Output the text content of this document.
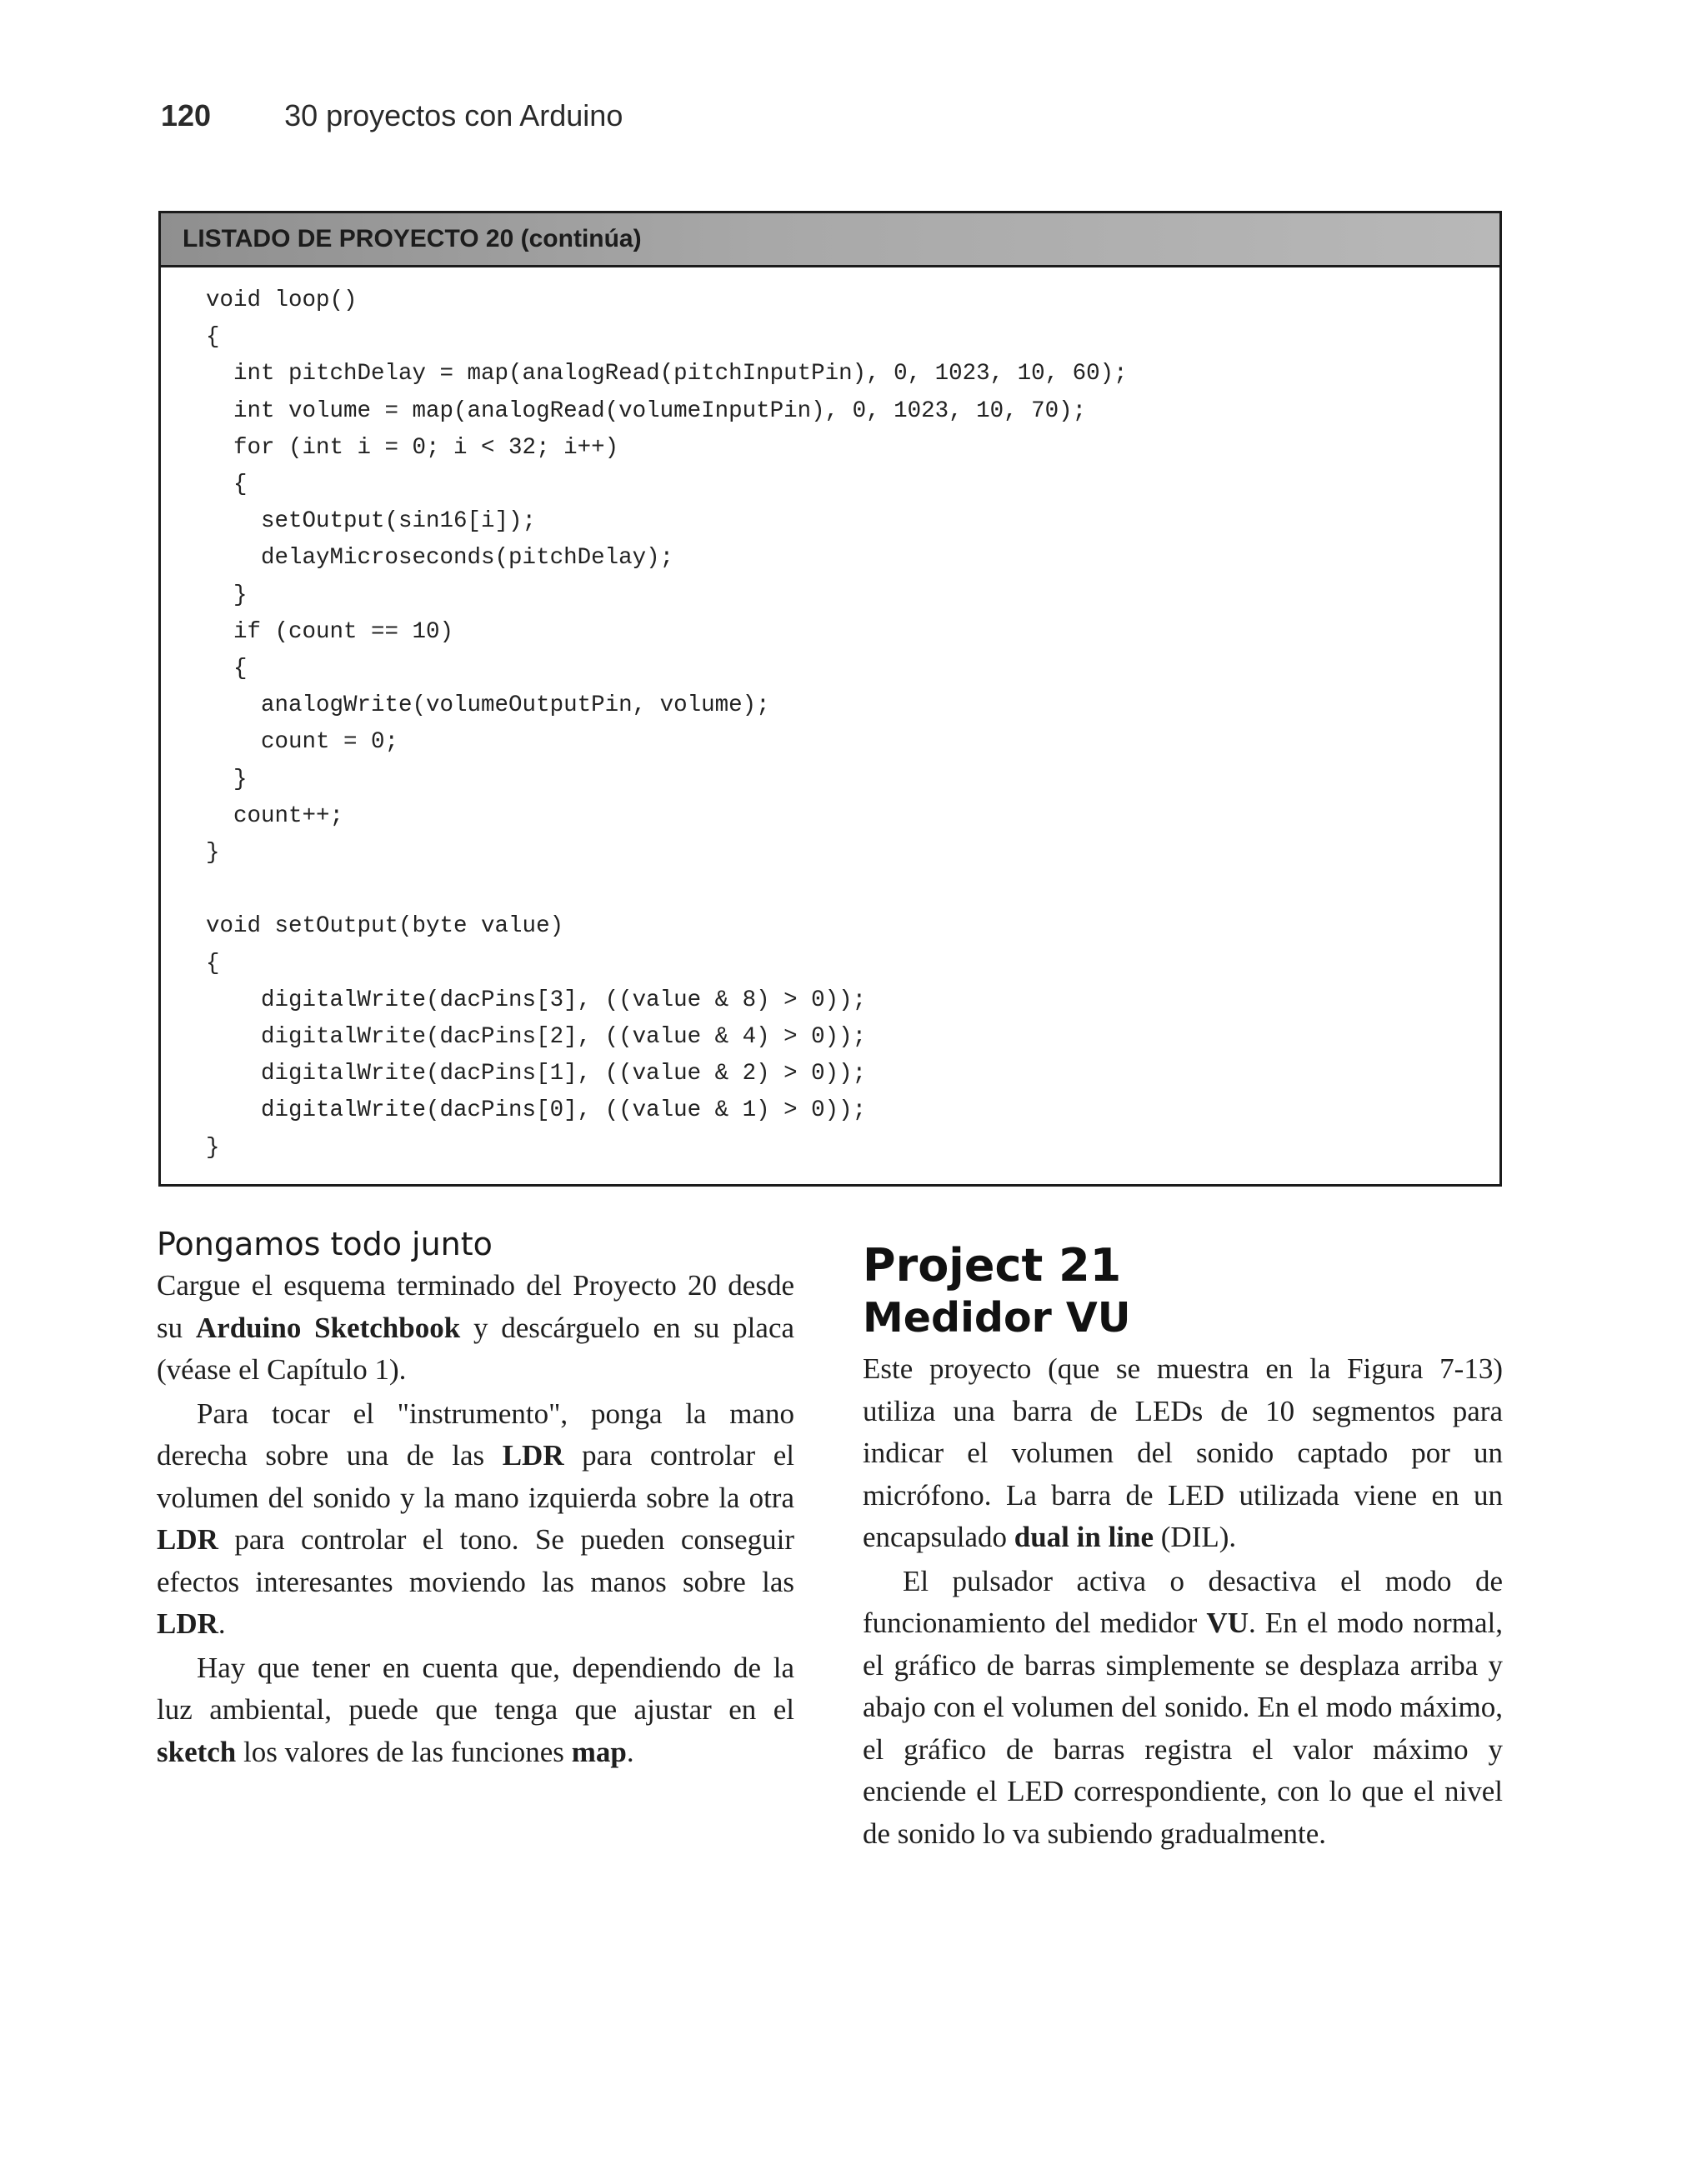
120 30 proyectos con Arduino
LISTADO DE PROYECTO 20 (continúa)
void loop()
{
int pitchDelay = map(analogRead(pitchInputPin), 0, 1023, 10, 60);
int volume = map(analogRead(volumeInputPin), 0, 1023, 10, 70);
for (int i = 0; i < 32; i++)
{
setOutput(sin16[i]);
delayMicroseconds(pitchDelay);
}
if (count == 10)
{
analogWrite(volumeOutputPin, volume);
count = 0;
}
count++;
}

void setOutput(byte value)
{
digitalWrite(dacPins[3], ((value & 8) > 0));
digitalWrite(dacPins[2], ((value & 4) > 0));
digitalWrite(dacPins[1], ((value & 2) > 0));
digitalWrite(dacPins[0], ((value & 1) > 0));
}
Pongamos todo junto

Cargue el esquema terminado del Proyecto 20 desde su Arduino Sketchbook y descárguelo en su placa (véase el Capítulo 1).

Para tocar el "instrumento", ponga la mano derecha sobre una de las LDR para controlar el volumen del sonido y la mano izquierda sobre la otra LDR para controlar el tono. Se pueden conseguir efectos interesantes moviendo las manos sobre las LDR.

Hay que tener en cuenta que, dependiendo de la luz ambiental, puede que tenga que ajustar en el sketch los valores de las funciones map.

Project 21
Medidor VU

Este proyecto (que se muestra en la Figura 7-13) utiliza una barra de LEDs de 10 segmentos para indicar el volumen del sonido captado por un micrófono. La barra de LED utilizada viene en un encapsulado dual in line (DIL).

El pulsador activa o desactiva el modo de funcionamiento del medidor VU. En el modo normal, el gráfico de barras simplemente se desplaza arriba y abajo con el volumen del sonido. En el modo máximo, el gráfico de barras registra el valor máximo y enciende el LED correspondiente, con lo que el nivel de sonido lo va subiendo gradualmente.
